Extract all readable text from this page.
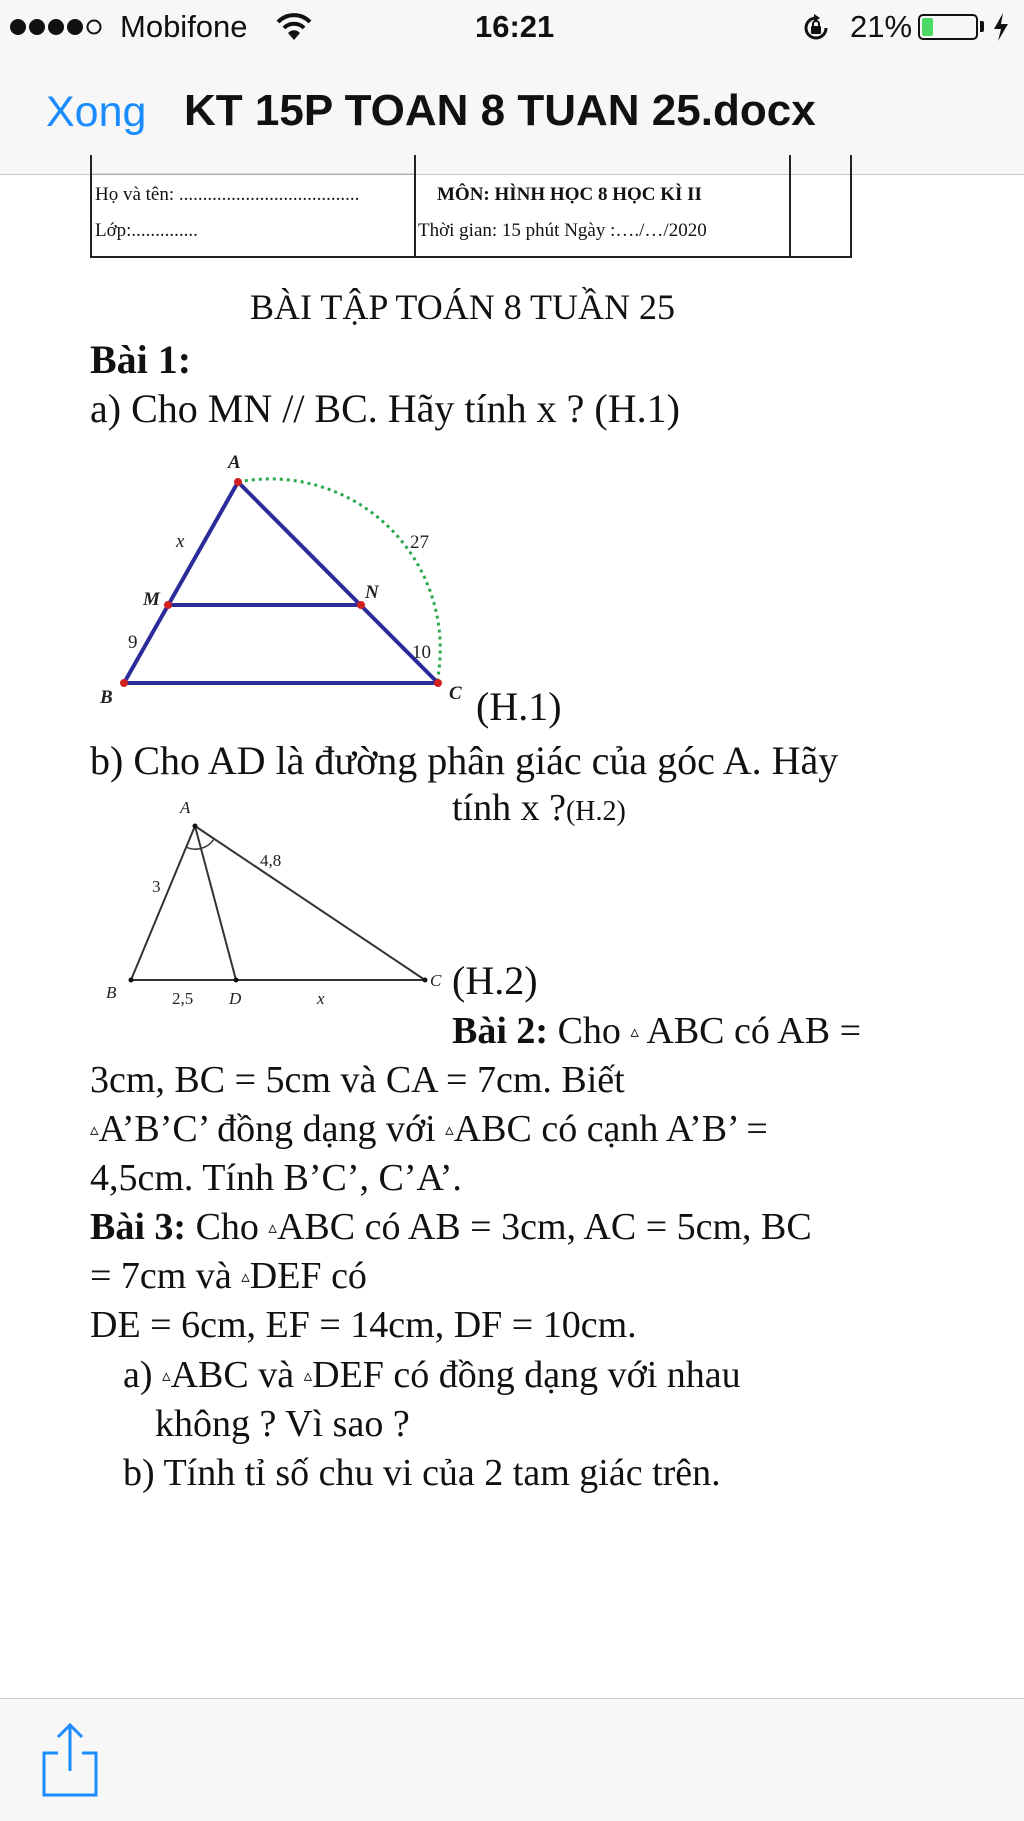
Mobifone	16:21	21%
Xong KT 15P TOAN 8 TUAN 25.docx
Họ và tên: ......................................
Lớp:..............
MÔN: HÌNH HỌC 8 HỌC KÌ II
Thời gian: 15 phút Ngày :…./…/2020
BÀI TẬP TOÁN 8 TUẦN 25
Bài 1:
a) Cho MN // BC. Hãy tính x ? (H.1)
A
M	N
B	C
x
9
27
10
(H.1)
b) Cho AD là đường phân giác của góc A. Hãy
tính x ?(H.2)
A
B
C
D
3
4,8
2,5	x	(H.2)
Bài 2: Cho ▵ ABC có AB =
3cm, BC = 5cm và CA = 7cm. Biết
▵A’B’C’ đồng dạng với ▵ABC có cạnh A’B’ =
4,5cm. Tính B’C’, C’A’.
Bài 3: Cho ▵ABC có AB = 3cm, AC = 5cm, BC
= 7cm và ▵DEF có
DE = 6cm, EF = 14cm, DF = 10cm.
a) ▵ABC và ▵DEF có đồng dạng với nhau
không ? Vì sao ?
b) Tính tỉ số chu vi của 2 tam giác trên.
